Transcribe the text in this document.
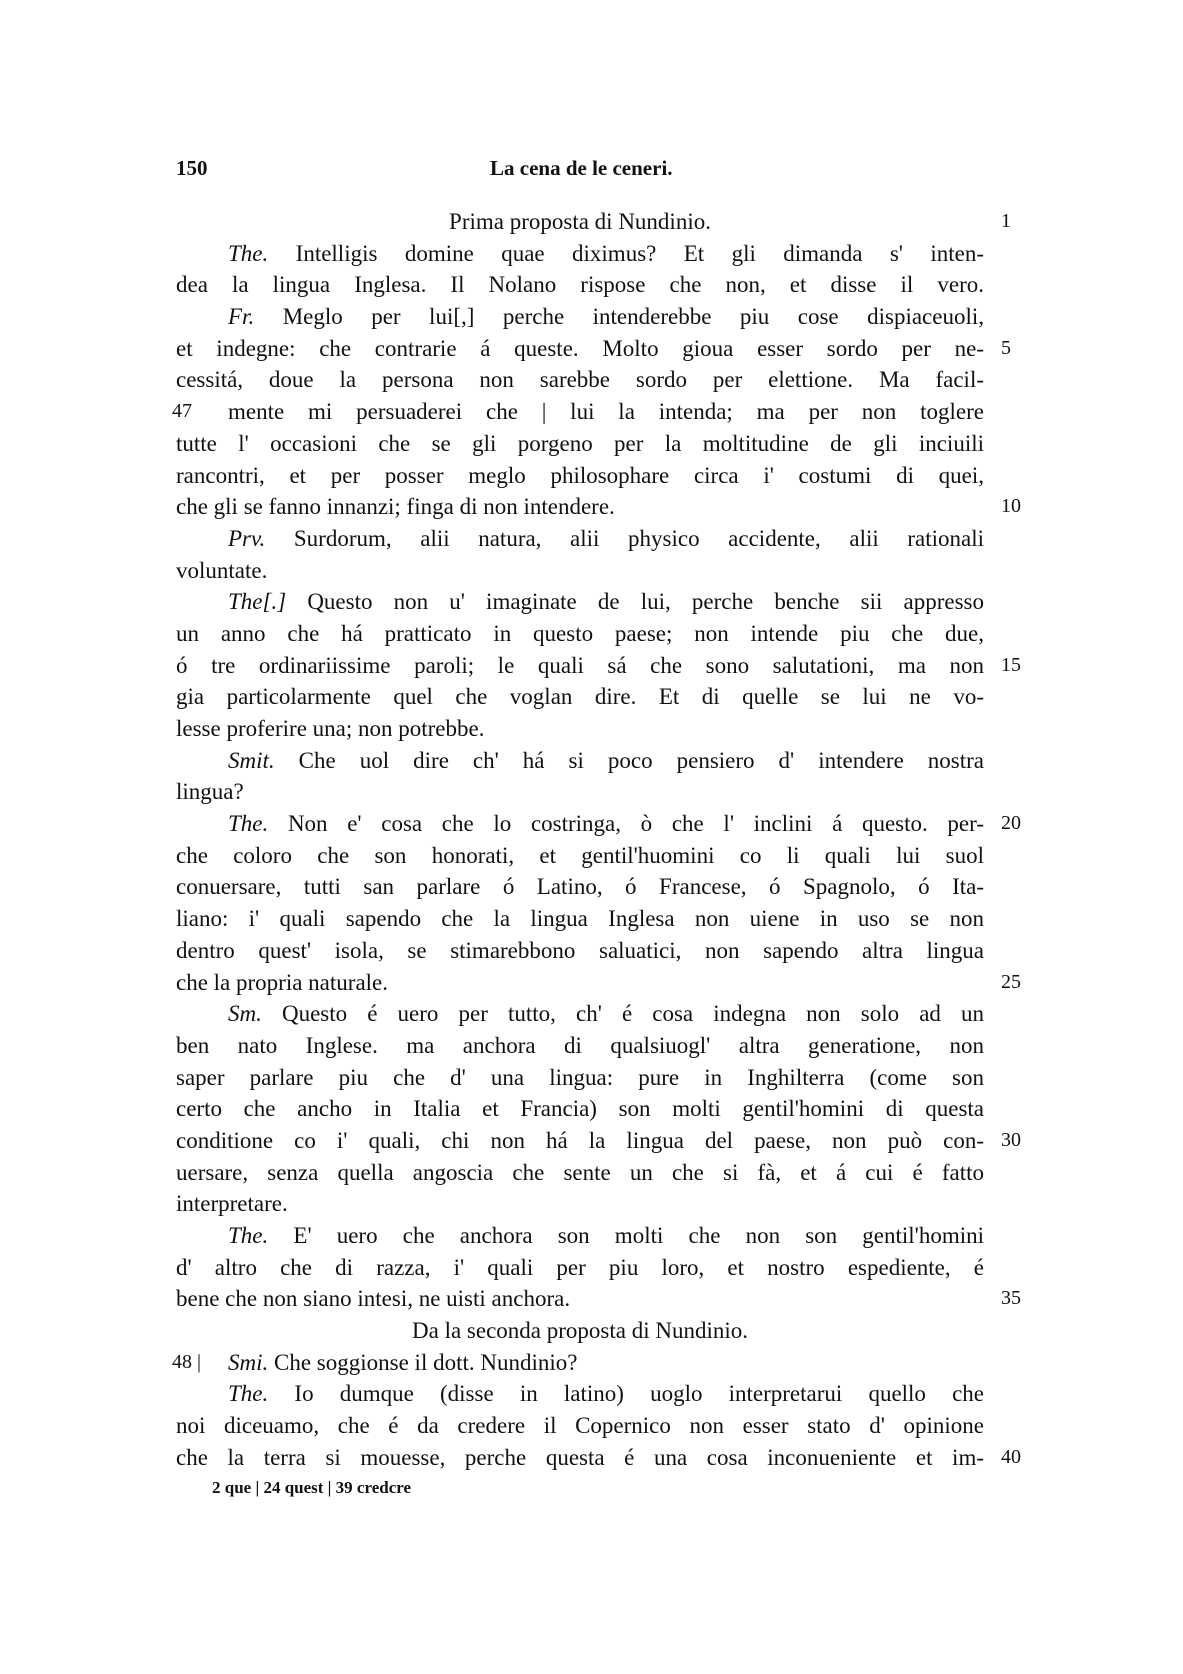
150	La cena de le ceneri.
Prima proposta di Nundinio.	1
The. Intelligis domine quae diximus? Et gli dimanda s' inten-
dea la lingua Inglesa. Il Nolano rispose che non, et disse il vero.
Fr. Meglo per lui[,] perche intenderebbe piu cose dispiaceuoli,
et indegne: che contrarie á queste. Molto gioua esser sordo per ne- 5
cessitá, doue la persona non sarebbe sordo per elettione. Ma facil-
47 mente mi persuaderei che | lui la intenda; ma per non toglere
tutte l' occasioni che se gli porgeno per la moltitudine de gli inciuili
rancontri, et per posser meglo philosophare circa i' costumi di quei,
che gli se fanno innanzi; finga di non intendere.	10
Prv. Surdorum, alii natura, alii physico accidente, alii rationali
voluntate.
The[.] Questo non u' imaginate de lui, perche benche sii appresso
un anno che há pratticato in questo paese; non intende piu che due,
ó tre ordinariissime paroli; le quali sá che sono salutationi, ma non 15
gia particolarmente quel che voglan dire. Et di quelle se lui ne vo-
lesse proferire una; non potrebbe.
Smit. Che uol dire ch' há si poco pensiero d' intendere nostra
lingua?
The. Non e' cosa che lo costringa, ò che l' inclini á questo. per- 20
che coloro che son honorati, et gentil'huomini co li quali lui suol
conuersare, tutti san parlare ó Latino, ó Francese, ó Spagnolo, ó Ita-
liano: i' quali sapendo che la lingua Inglesa non uiene in uso se non
dentro quest' isola, se stimarebbono saluatici, non sapendo altra lingua
che la propria naturale.	25
Sm. Questo é uero per tutto, ch' é cosa indegna non solo ad un
ben nato Inglese. ma anchora di qualsiuogl' altra generatione, non
saper parlare piu che d' una lingua: pure in Inghilterra (come son
certo che ancho in Italia et Francia) son molti gentil'homini di questa
conditione co i' quali, chi non há la lingua del paese, non può con- 30
uersare, senza quella angoscia che sente un che si fà, et á cui é fatto
interpretare.
The. E' uero che anchora son molti che non son gentil'homini
d' altro che di razza, i' quali per piu loro, et nostro espediente, é
bene che non siano intesi, ne uisti anchora.	35
Da la seconda proposta di Nundinio.
48 | Smi. Che soggionse il dott. Nundinio?
The. Io dumque (disse in latino) uoglo interpretarui quello che
noi diceuamo, che é da credere il Copernico non esser stato d' opinione
che la terra si mouesse, perche questa é una cosa inconueniente et im- 40
2 que | 24 quest | 39 credcre
